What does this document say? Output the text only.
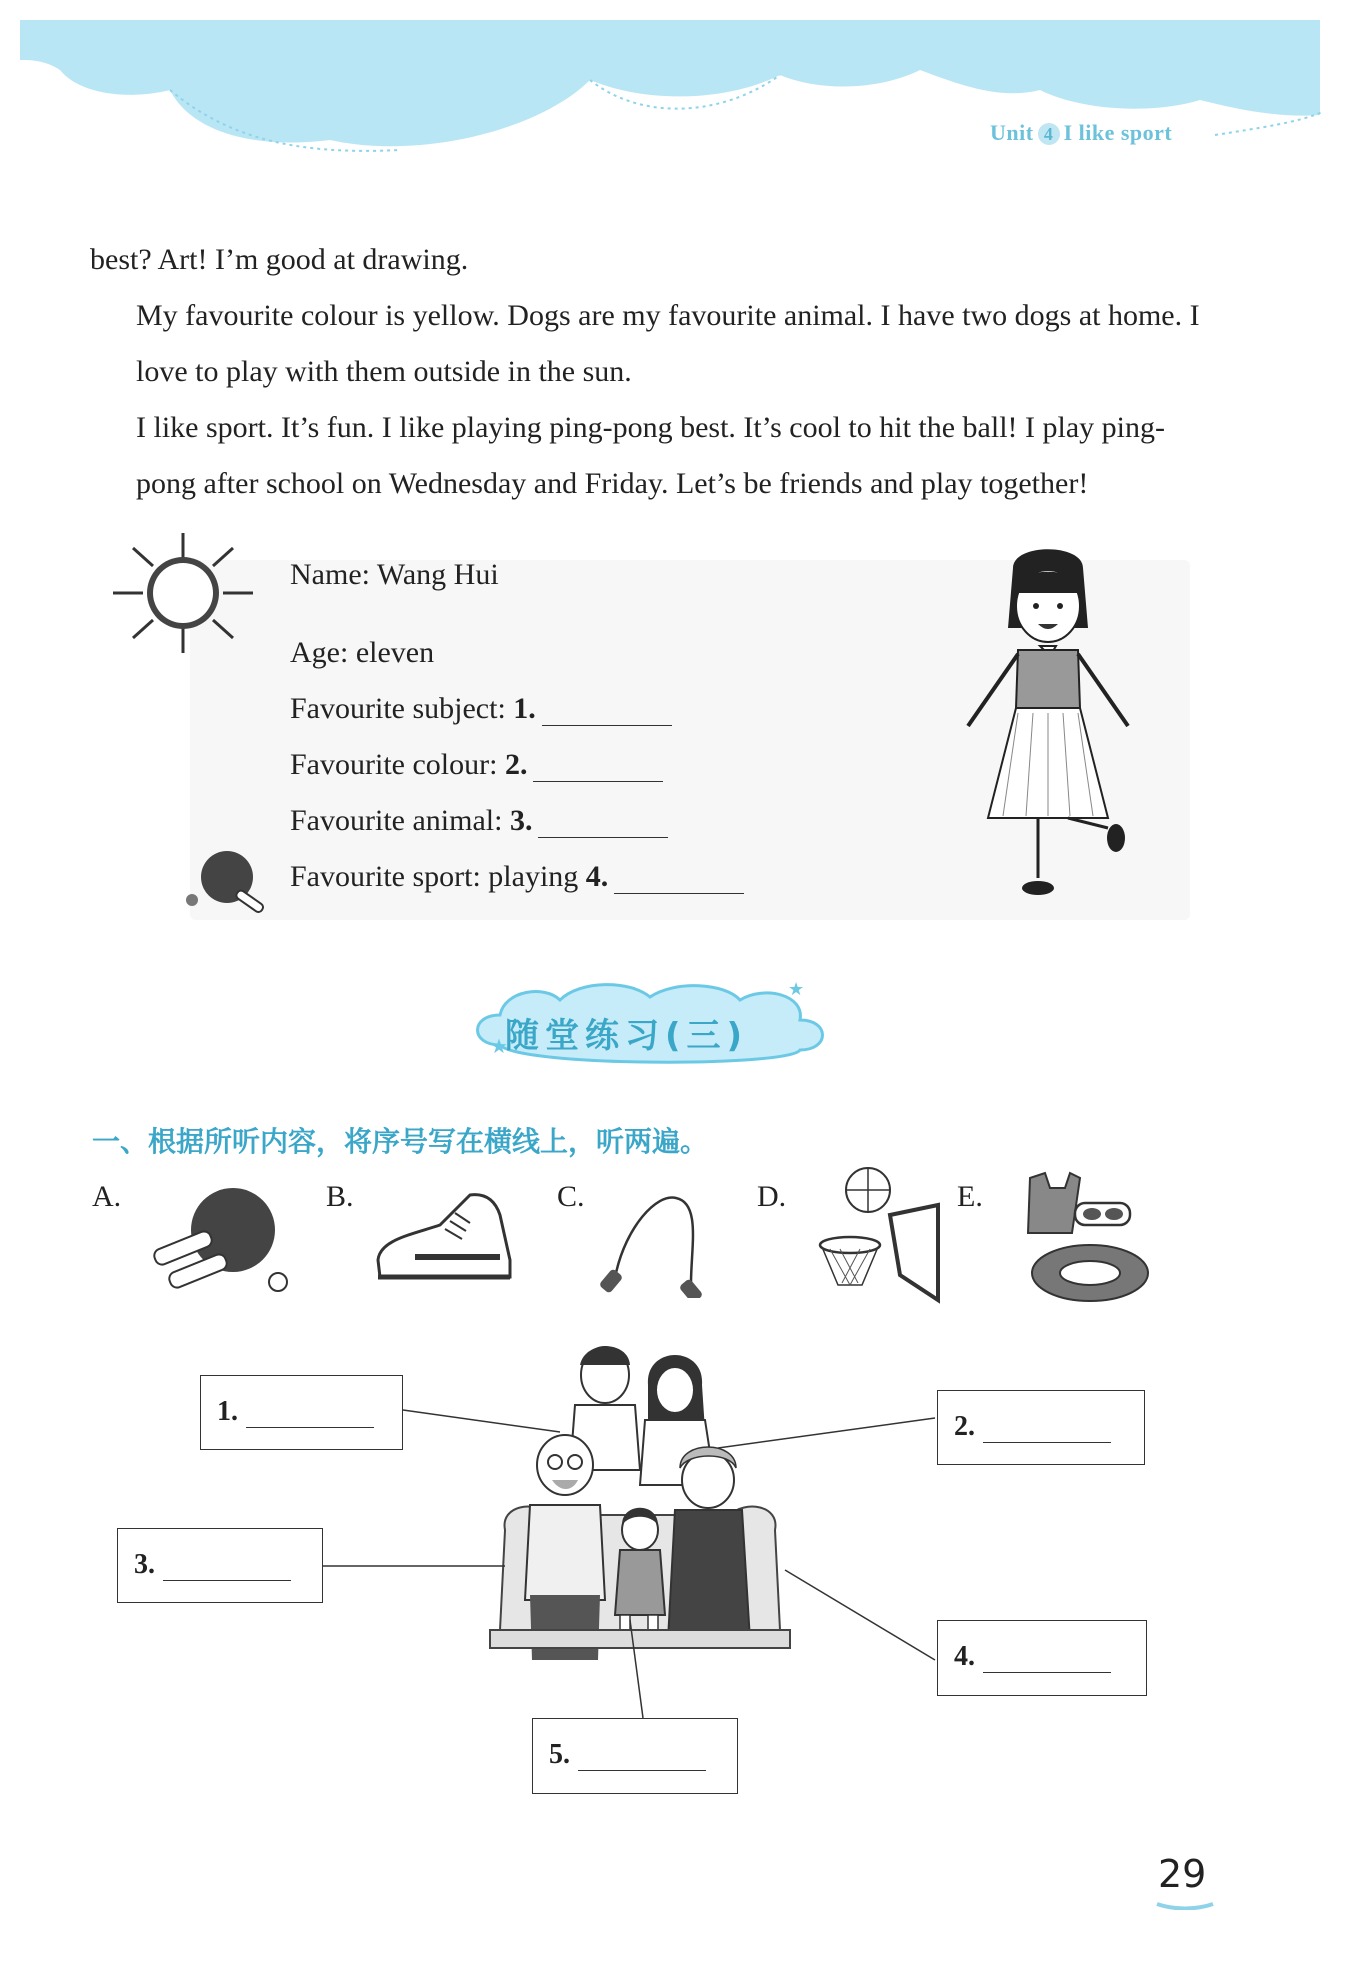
Unit 4 I like sport
best? Art! I’m good at drawing.
My favourite colour is yellow. Dogs are my favourite animal. I have two dogs at home. I love to play with them outside in the sun.
I like sport. It’s fun. I like playing ping-pong best. It’s cool to hit the ball! I play ping-pong after school on Wednesday and Friday. Let’s be friends and play together!
Name: Wang Hui
Age: eleven
Favourite subject: 1.
Favourite colour: 2.
Favourite animal: 3.
Favourite sport: playing 4.
★
★
随堂练习(三)
一、根据所听内容，将序号写在横线上，听两遍。
A.	B.	C.	D.	E.
1.	2.
3.
4.
5.
29
